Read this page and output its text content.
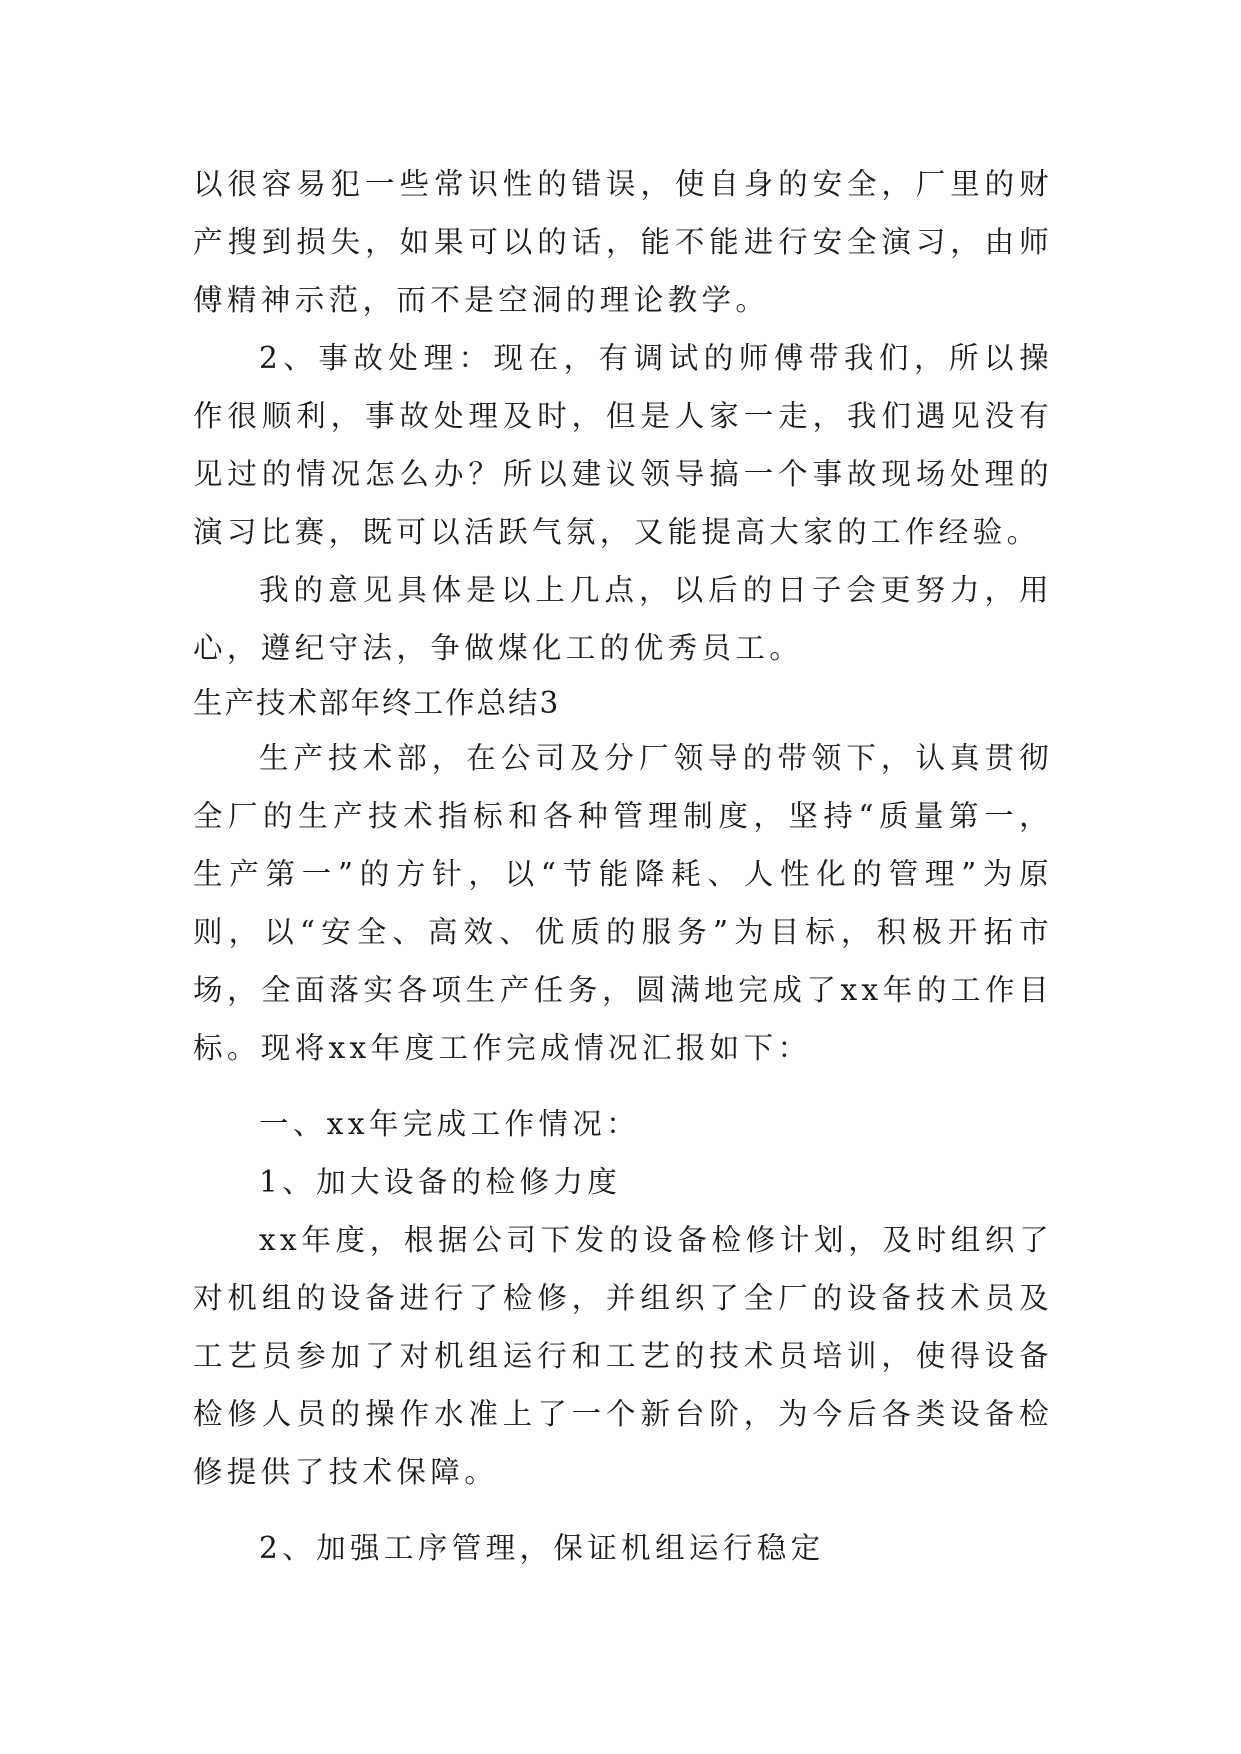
以很容易犯一些常识性的错误，使自身的安全，厂里的财产搜到损失，如果可以的话，能不能进行安全演习，由师傅精神示范，而不是空洞的理论教学。

2、事故处理：现在，有调试的师傅带我们，所以操作很顺利，事故处理及时，但是人家一走，我们遇见没有见过的情况怎么办？所以建议领导搞一个事故现场处理的演习比赛，既可以活跃气氛，又能提高大家的工作经验。

我的意见具体是以上几点，以后的日子会更努力，用心，遵纪守法，争做煤化工的优秀员工。

生产技术部年终工作总结3

生产技术部，在公司及分厂领导的带领下，认真贯彻全厂的生产技术指标和各种管理制度，坚持“质量第一，生产第一”的方针，以“节能降耗、人性化的管理”为原则，以“安全、高效、优质的服务”为目标，积极开拓市场，全面落实各项生产任务，圆满地完成了xx年的工作目标。现将xx年度工作完成情况汇报如下：

一、xx年完成工作情况：

1、加大设备的检修力度

xx年度，根据公司下发的设备检修计划，及时组织了对机组的设备进行了检修，并组织了全厂的设备技术员及工艺员参加了对机组运行和工艺的技术员培训，使得设备检修人员的操作水准上了一个新台阶，为今后各类设备检修提供了技术保障。

2、加强工序管理，保证机组运行稳定
